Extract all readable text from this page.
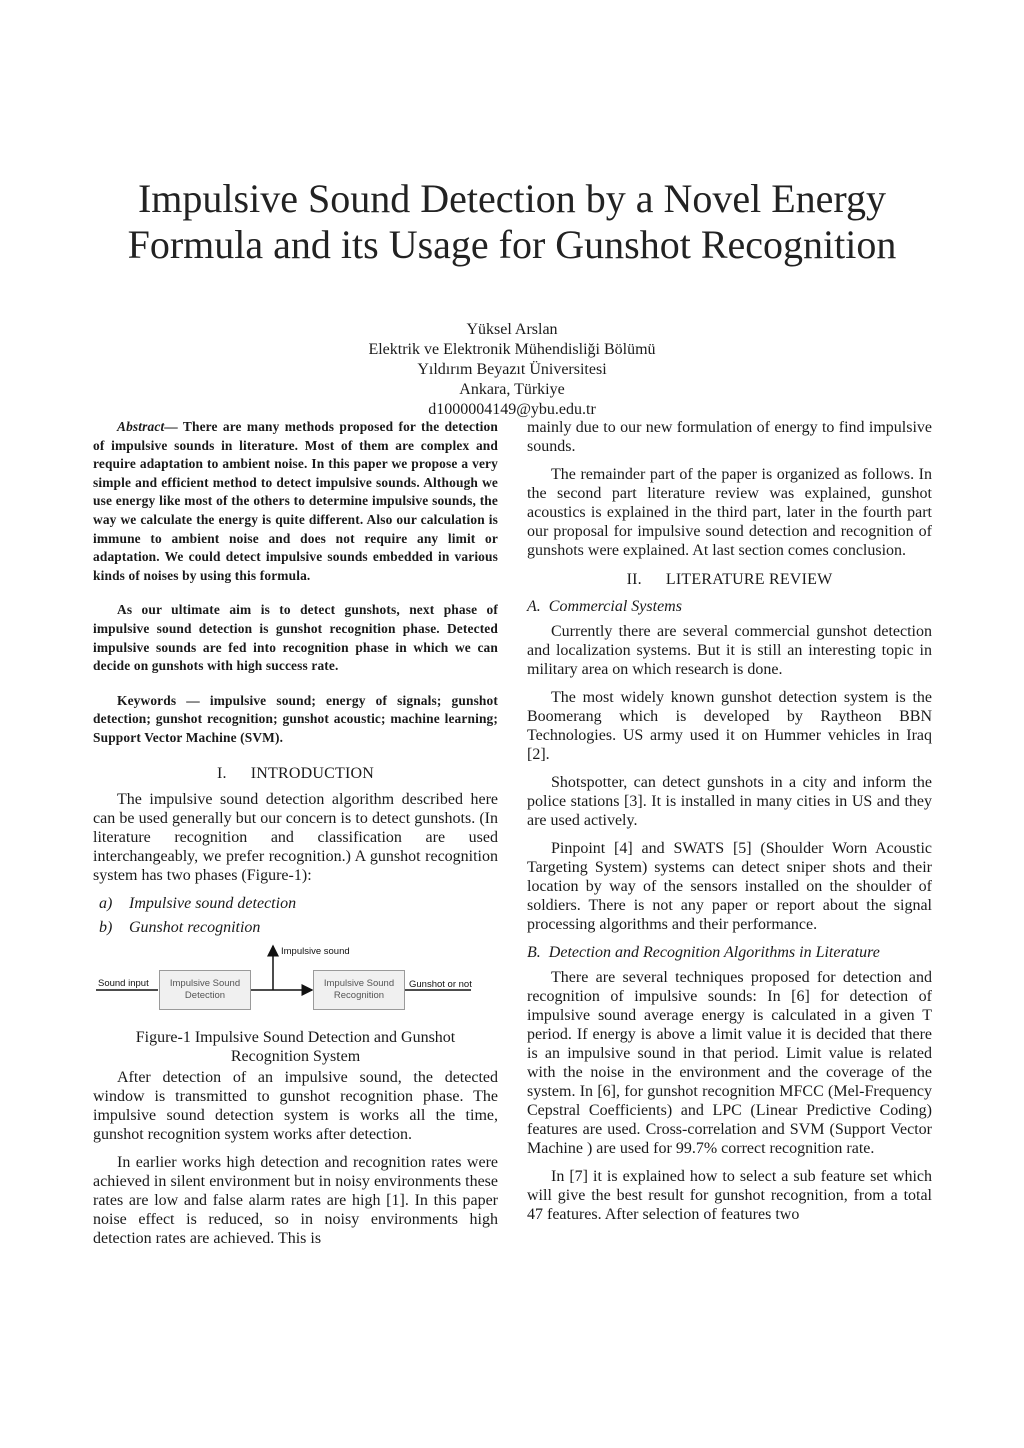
Impulsive Sound Detection by a Novel Energy
Formula and its Usage for Gunshot Recognition
Yüksel Arslan
Elektrik ve Elektronik Mühendisliği Bölümü
Yıldırım Beyazıt Üniversitesi
Ankara, Türkiye
d1000004149@ybu.edu.tr

Abstract— There are many methods proposed for the detection of impulsive sounds in literature. Most of them are complex and require adaptation to ambient noise. In this paper we propose a very simple and efficient method to detect impulsive sounds. Although we use energy like most of the others to determine impulsive sounds, the way we calculate the energy is quite different. Also our calculation is immune to ambient noise and does not require any limit or adaptation. We could detect impulsive sounds embedded in various kinds of noises by using this formula.

As our ultimate aim is to detect gunshots, next phase of impulsive sound detection is gunshot recognition phase. Detected impulsive sounds are fed into recognition phase in which we can decide on gunshots with high success rate.

Keywords — impulsive sound; energy of signals; gunshot detection; gunshot recognition; gunshot acoustic; machine learning; Support Vector Machine (SVM).

I. INTRODUCTION

The impulsive sound detection algorithm described here can be used generally but our concern is to detect gunshots. (In literature recognition and classification are used interchangeably, we prefer recognition.) A gunshot recognition system has two phases (Figure-1):

a) Impulsive sound detection
b) Gunshot recognition
Impulsive sound
Sound input	Impulsive Sound Detection
Impulsive Sound Recognition
Gunshot or not
Figure-1 Impulsive Sound Detection and Gunshot
Recognition System

After detection of an impulsive sound, the detected window is transmitted to gunshot recognition phase. The impulsive sound detection system is works all the time, gunshot recognition system works after detection.

In earlier works high detection and recognition rates were achieved in silent environment but in noisy environments these rates are low and false alarm rates are high [1]. In this paper noise effect is reduced, so in noisy environments high detection rates are achieved. This is

mainly due to our new formulation of energy to find impulsive sounds.

The remainder part of the paper is organized as follows. In the second part literature review was explained, gunshot acoustics is explained in the third part, later in the fourth part our proposal for impulsive sound detection and recognition of gunshots were explained. At last section comes conclusion.

II. LITERATURE REVIEW
A. Commercial Systems

Currently there are several commercial gunshot detection and localization systems. But it is still an interesting topic in military area on which research is done.

The most widely known gunshot detection system is the Boomerang which is developed by Raytheon BBN Technologies. US army used it on Hummer vehicles in Iraq [2].

Shotspotter, can detect gunshots in a city and inform the police stations [3]. It is installed in many cities in US and they are used actively.

Pinpoint [4] and SWATS [5] (Shoulder Worn Acoustic Targeting System) systems can detect sniper shots and their location by way of the sensors installed on the shoulder of soldiers. There is not any paper or report about the signal processing algorithms and their performance.

B. Detection and Recognition Algorithms in Literature

There are several techniques proposed for detection and recognition of impulsive sounds: In [6] for detection of impulsive sound average energy is calculated in a given T period. If energy is above a limit value it is decided that there is an impulsive sound in that period. Limit value is related with the noise in the environment and the coverage of the system. In [6], for gunshot recognition MFCC (Mel-Frequency Cepstral Coefficients) and LPC (Linear Predictive Coding) features are used. Cross-correlation and SVM (Support Vector Machine ) are used for 99.7% correct recognition rate.

In [7] it is explained how to select a sub feature set which will give the best result for gunshot recognition, from a total 47 features. After selection of features two
